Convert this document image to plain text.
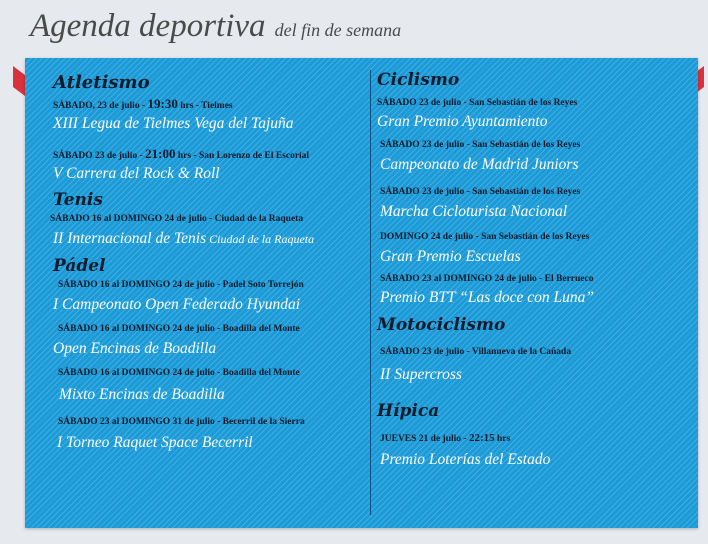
Agenda deportiva del fin de semana
Atletismo
SÁBADO, 23 de julio - 19:30 hrs - Tielmes
XIII Legua de Tielmes Vega del Tajuña
SÁBADO 23 de julio - 21:00 hrs - San Lorenzo de El Escorial
V Carrera del Rock & Roll
Tenis
SÁBADO 16 al DOMINGO 24 de julio - Ciudad de la Raqueta
II Internacional de Tenis Ciudad de la Raqueta
Pádel
SÁBADO 16 al DOMINGO 24 de julio - Padel Soto Torrejón
I Campeonato Open Federado Hyundai
SÁBADO 16 al DOMINGO 24 de julio - Boadilla del Monte
Open Encinas de Boadilla
SÁBADO 16 al DOMINGO 24 de julio - Boadilla del Monte
Mixto Encinas de Boadilla
SÁBADO 23 al DOMINGO 31 de julio - Becerril de la Sierra
I Torneo Raquet Space Becerril
Ciclismo
SÁBADO 23 de julio - San Sebastián de los Reyes
Gran Premio Ayuntamiento
SÁBADO 23 de julio - San Sebastián de los Reyes
Campeonato de Madrid Juniors
SÁBADO 23 de julio - San Sebastián de los Reyes
Marcha Cicloturista Nacional
DOMINGO 24 de julio - San Sebastián de los Reyes
Gran Premio Escuelas
SÁBADO 23 al DOMINGO 24 de julio - El Berrueco
Premio BTT “Las doce con Luna”
Motociclismo
SÁBADO 23 de julio - Villanueva de la Cañada
II Supercross
Hípica
JUEVES 21 de julio - 22:15 hrs
Premio Loterías del Estado
